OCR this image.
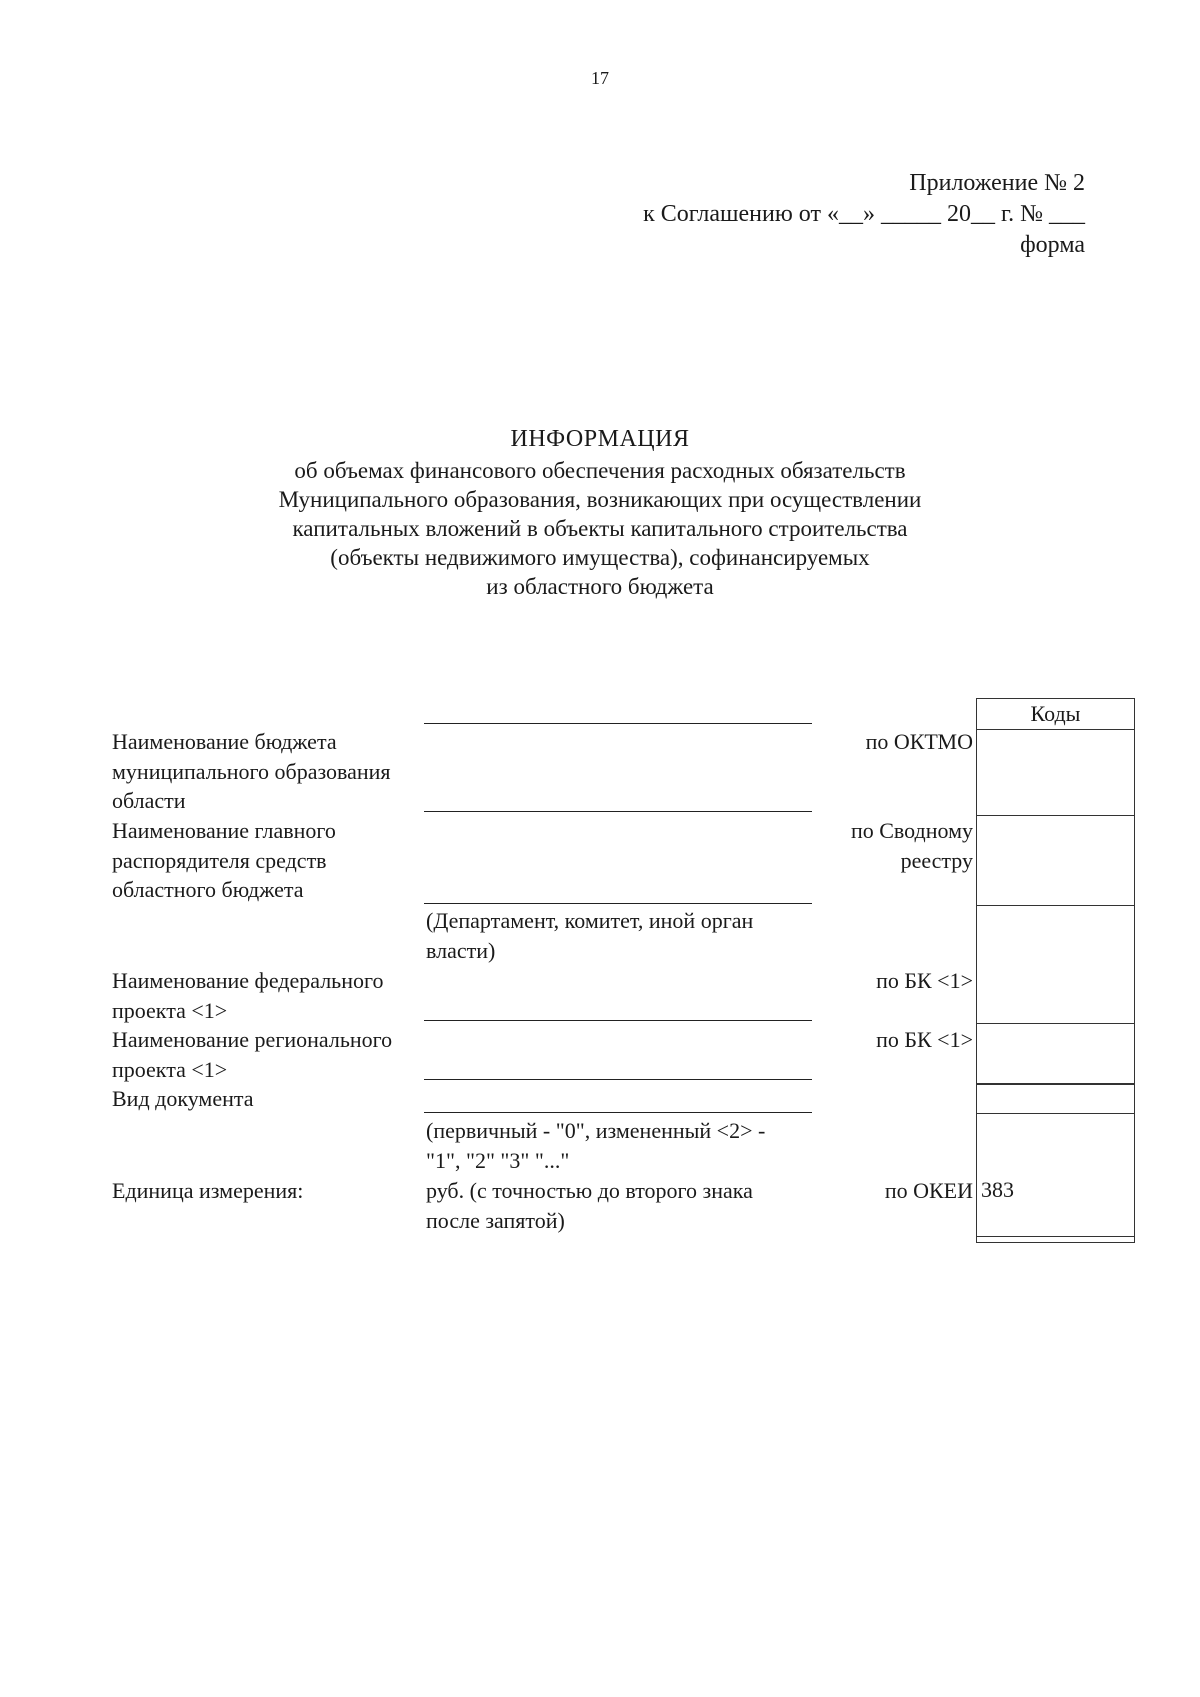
17
Приложение № 2
к Соглашению от «__» _____ 20__ г. № ___
форма
ИНФОРМАЦИЯ
об объемах финансового обеспечения расходных обязательств
Муниципального образования, возникающих при осуществлении
капитальных вложений в объекты капитального строительства
(объекты недвижимого имущества), софинансируемых
из областного бюджета
Наименование бюджета муниципального образования области
Наименование главного распорядителя средств областного бюджета
Наименование федерального проекта <1>
Наименование регионального проекта <1>
Вид документа
Единица измерения:
(Департамент, комитет, иной орган власти)
(первичный - "0", измененный <2> - "1", "2" "3" "..."
руб. (с точностью до второго знака после запятой)
по ОКТМО
по Сводному
реестру
по БК <1>
по БК <1>
по ОКЕИ
Коды
383
